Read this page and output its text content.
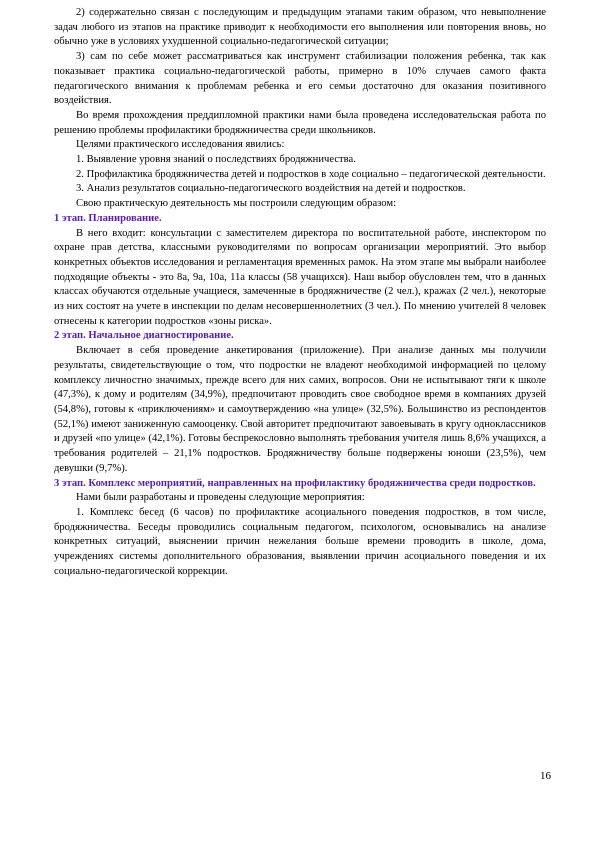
2) содержательно связан с последующим и предыдущим этапами таким образом, что невыполнение задач любого из этапов на практике приводит к необходимости его выполнения или повторения вновь, но обычно уже в условиях ухудшенной социально-педагогической ситуации;

3) сам по себе может рассматриваться как инструмент стабилизации положения ребенка, так как показывает практика социально-педагогической работы, примерно в 10% случаев самого факта педагогического внимания к проблемам ребенка и его семьи достаточно для оказания позитивного воздействия.

Во время прохождения преддипломной практики нами была проведена исследовательская работа по решению проблемы профилактики бродяжничества среди школьников.

Целями практического исследования явились:

1. Выявление уровня знаний о последствиях бродяжничества.

2. Профилактика бродяжничества детей и подростков в ходе социально – педагогической деятельности.

3. Анализ результатов социально-педагогического воздействия на детей и подростков.

Свою практическую деятельность мы построили следующим образом:

1 этап. Планирование.

В него входит: консультации с заместителем директора по воспитательной работе, инспектором по охране прав детства, классными руководителями по вопросам организации мероприятий. Это выбор конкретных объектов исследования и регламентация временных рамок. На этом этапе мы выбрали наиболее подходящие объекты - это 8а, 9а, 10а, 11а классы (58 учащихся). Наш выбор обусловлен тем, что в данных классах обучаются отдельные учащиеся, замеченные в бродяжничестве (2 чел.), кражах (2 чел.), некоторые из них состоят на учете в инспекции по делам несовершеннолетних (3 чел.). По мнению учителей 8 человек отнесены к категории подростков «зоны риска».

2 этап. Начальное диагностирование.

Включает в себя проведение анкетирования (приложение). При анализе данных мы получили результаты, свидетельствующие о том, что подростки не владеют необходимой информацией по целому комплексу личностно значимых, прежде всего для них самих, вопросов. Они не испытывают тяги к школе (47,3%), к дому и родителям (34,9%), предпочитают проводить свое свободное время в компаниях друзей (54,8%), готовы к «приключениям» и самоутверждению «на улице» (32,5%). Большинство из респондентов (52,1%) имеют заниженную самооценку. Свой авторитет предпочитают завоевывать в кругу одноклассников и друзей «по улице» (42,1%). Готовы беспрекословно выполнять требования учителя лишь 8,6% учащихся, а требования родителей – 21,1% подростков. Бродяжничеству больше подвержены юноши (23,5%), чем девушки (9,7%).

3 этап. Комплекс мероприятий, направленных на профилактику бродяжничества среди подростков.

Нами были разработаны и проведены следующие мероприятия:

1. Комплекс бесед (6 часов) по профилактике асоциального поведения подростков, в том числе, бродяжничества. Беседы проводились социальным педагогом, психологом, основывались на анализе конкретных ситуаций, выяснении причин нежелания больше времени проводить в школе, дома, учреждениях системы дополнительного образования, выявлении причин асоциального поведения и их социально-педагогической коррекции.

16
